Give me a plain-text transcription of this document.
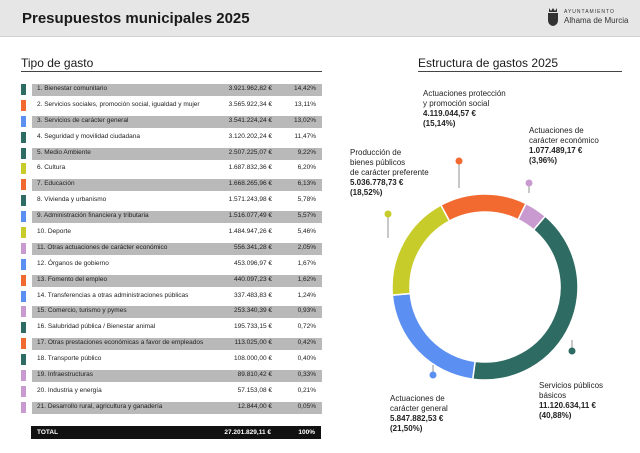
Presupuestos municipales 2025	AYUNTAMIENTO
Alhama de Murcia
Tipo de gasto
1. Bienestar comunitario	3.921.962,82 €	14,42%
2. Servicios sociales, promoción social, igualdad y mujer	3.565.922,34 €	13,11%
3. Servicios de carácter general	3.541.224,24 €	13,02%
4. Seguridad y movilidad ciudadana	3.120.202,24 €	11,47%
5. Medio Ambiente	2.507.225,07 €	9,22%
6. Cultura	1.687.832,36 €	6,20%
7. Educación	1.668.265,96 €	6,13%
8. Vivienda y urbanismo	1.571.243,98 €	5,78%
9. Administración financiera y tributaria	1.516.077,49 €	5,57%
10. Deporte	1.484.947,26 €	5,46%
11. Otras actuaciones de carácter económico	556.341,28 €	2,05%
12. Órganos de gobierno	453.096,97 €	1,67%
13. Fomento del empleo	440.097,23 €	1,62%
14. Transferencias a otras administraciones públicas	337.483,83 €	1,24%
15. Comercio, turismo y pymes	253.340,39 €	0,93%
16. Salubridad pública / Bienestar animal	195.733,15 €	0,72%
17. Otras prestaciones económicas a favor de empleados	113.025,00 €	0,42%
18. Transporte público	108.000,00 €	0,40%
19. Infraestructuras	89.810,42 €	0,33%
20. Industria y energía	57.153,08 €	0,21%
21. Desarrollo rural, agricultura y ganadería	12.844,00 €	0,05%
TOTAL	27.201.829,11 €	100%
Estructura de gastos 2025
Actuaciones protección
y promoción social
4.119.044,57 €
(15,14%)
Actuaciones de
carácter económico
1.077.489,17 €
(3,96%)
Producción de
bienes públicos
de carácter preferente
5.036.778,73 €
(18,52%)
Servicios públicos
básicos
11.120.634,11 €
(40,88%)
Actuaciones de
carácter general
5.847.882,53 €
(21,50%)
